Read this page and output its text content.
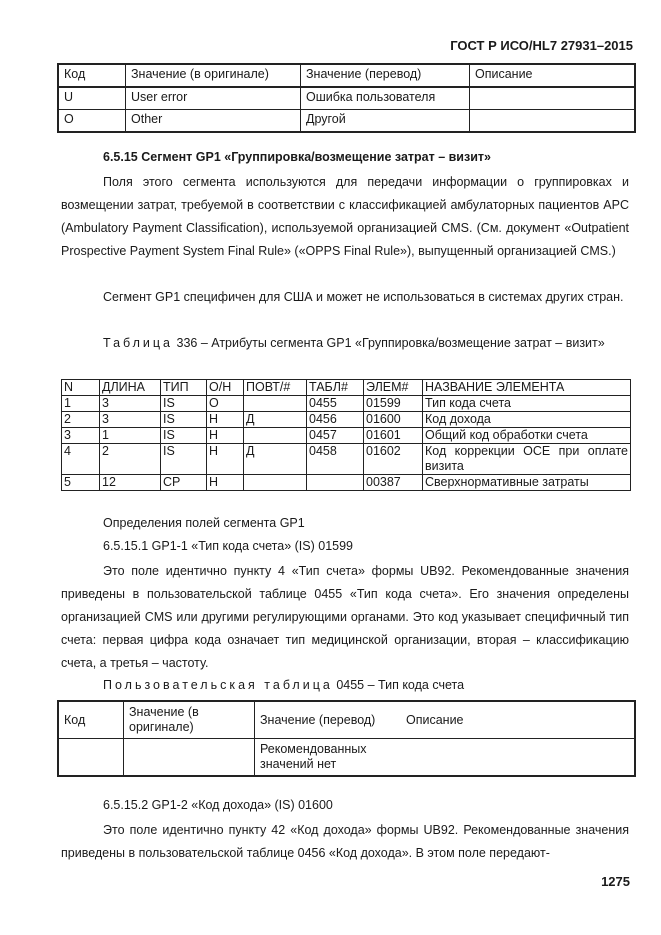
ГОСТ Р ИСО/HL7 27931–2015
Код	Значение (в оригинале)	Значение (перевод)	Описание
U	User error	Ошибка пользователя	
O	Other	Другой	
6.5.15 Сегмент GP1 «Группировка/возмещение затрат – визит»
Поля этого сегмента используются для передачи информации о группировках и возмещении затрат, требуемой в соответствии с классификацией амбулаторных пациентов APC (Ambulatory Payment Classification), используемой организацией CMS. (См. документ «Outpatient Prospective Payment System Final Rule» («OPPS Final Rule»), выпущенный организацией CMS.)
Сегмент GP1 специфичен для США и может не использоваться в системах других стран.
Таблица 336 – Атрибуты сегмента GP1 «Группировка/возмещение затрат – визит»
N	ДЛИНА	ТИП	О/Н	ПОВТ/#	ТАБЛ#	ЭЛЕМ#	НАЗВАНИЕ ЭЛЕМЕНТА
1	3	IS	O		0455	01599	Тип кода счета
2	3	IS	H	Д	0456	01600	Код дохода
3	1	IS	H		0457	01601	Общий код обработки счета
4	2	IS	H	Д	0458	01602	Код коррекции ОСЕ при оплате визита
5	12	CP	H			00387	Сверхнормативные затраты
Определения полей сегмента GP1
6.5.15.1 GP1-1 «Тип кода счета» (IS) 01599
Это поле идентично пункту 4 «Тип счета» формы UB92. Рекомендованные значения приведены в пользовательской таблице 0455 «Тип кода счета». Его значения определены организацией CMS или другими регулирующими органами. Это код указывает специфичный тип счета: первая цифра кода означает тип медицинской организации, вторая – классификацию счета, а третья – частоту.
Пользовательская таблица 0455 – Тип кода счета
Код	Значение (в оригинале)	Значение (перевод)	Описание
		Рекомендованных значений нет	
6.5.15.2 GP1-2 «Код дохода» (IS) 01600
Это поле идентично пункту 42 «Код дохода» формы UB92. Рекомендованные значения приведены в пользовательской таблице 0456 «Код дохода». В этом поле передают-
1275
